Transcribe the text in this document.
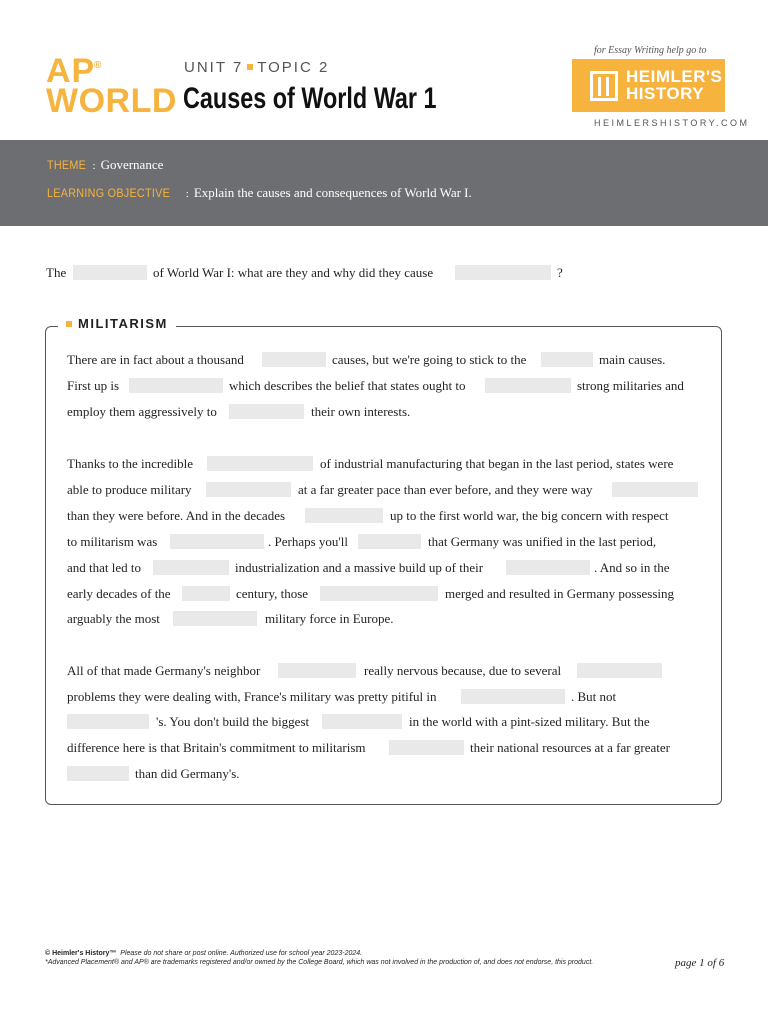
AP
®
WORLD
UNIT 7 TOPIC 2
Causes of World War 1
for Essay Writing help go to
HEIMLER'S
HISTORY
HEIMLERSHISTORY.COM
THEME : Governance
LEARNING OBJECTIVE : Explain the causes and consequences of World War I.
The	of World War I: what are they and why did they cause	?
MILITARISM
There are in fact about a thousand	causes, but we're going to stick to the	main causes.
First up is	which describes the belief that states ought to	strong militaries and
employ them aggressively to	their own interests.
Thanks to the incredible	of industrial manufacturing that began in the last period, states were
able to produce military	at a far greater pace than ever before, and they were way
than they were before. And in the decades	up to the first world war, the big concern with respect
to militarism was	. Perhaps you'll	that Germany was unified in the last period,
and that led to	industrialization and a massive build up of their	. And so in the
early decades of the	century, those	merged and resulted in Germany possessing
arguably the most	military force in Europe.
All of that made Germany's neighbor	really nervous because, due to several
problems they were dealing with, France's military was pretty pitiful in	. But not
's. You don't build the biggest	in the world with a pint-sized military. But the
difference here is that Britain's commitment to militarism	their national resources at a far greater
than did Germany's.
© Heimler's History™ Please do not share or post online. Authorized use for school year 2023-2024.
*Advanced Placement® and AP® are trademarks registered and/or owned by the College Board, which was not involved in the production of, and does not endorse, this product.	page 1 of 6
